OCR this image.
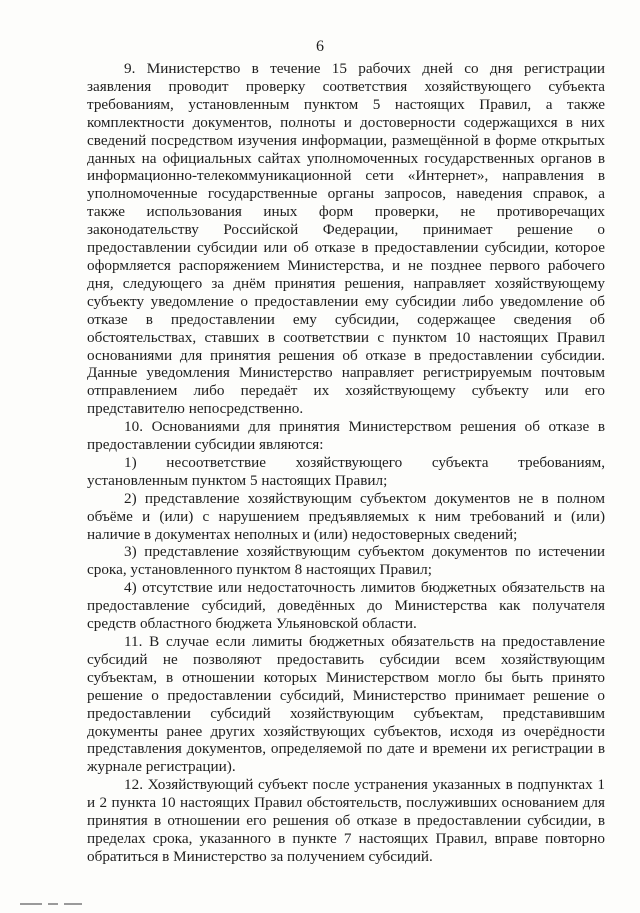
6

9. Министерство в течение 15 рабочих дней со дня регистрации заявления проводит проверку соответствия хозяйствующего субъекта требованиям, установленным пунктом 5 настоящих Правил, а также комплектности документов, полноты и достоверности содержащихся в них сведений посредством изучения информации, размещённой в форме открытых данных на официальных сайтах уполномоченных государственных органов в информационно-телекоммуникационной сети «Интернет», направления в уполномоченные государственные органы запросов, наведения справок, а также использования иных форм проверки, не противоречащих законодательству Российской Федерации, принимает решение о предоставлении субсидии или об отказе в предоставлении субсидии, которое оформляется распоряжением Министерства, и не позднее первого рабочего дня, следующего за днём принятия решения, направляет хозяйствующему субъекту уведомление о предоставлении ему субсидии либо уведомление об отказе в предоставлении ему субсидии, содержащее сведения об обстоятельствах, ставших в соответствии с пунктом 10 настоящих Правил основаниями для принятия решения об отказе в предоставлении субсидии. Данные уведомления Министерство направляет регистрируемым почтовым отправлением либо передаёт их хозяйствующему субъекту или его представителю непосредственно.

10. Основаниями для принятия Министерством решения об отказе в предоставлении субсидии являются:

1) несоответствие хозяйствующего субъекта требованиям, установленным пунктом 5 настоящих Правил;

2) представление хозяйствующим субъектом документов не в полном объёме и (или) с нарушением предъявляемых к ним требований и (или) наличие в документах неполных и (или) недостоверных сведений;

3) представление хозяйствующим субъектом документов по истечении срока, установленного пунктом 8 настоящих Правил;

4) отсутствие или недостаточность лимитов бюджетных обязательств на предоставление субсидий, доведённых до Министерства как получателя средств областного бюджета Ульяновской области.

11. В случае если лимиты бюджетных обязательств на предоставление субсидий не позволяют предоставить субсидии всем хозяйствующим субъектам, в отношении которых Министерством могло бы быть принято решение о предоставлении субсидий, Министерство принимает решение о предоставлении субсидий хозяйствующим субъектам, представившим документы ранее других хозяйствующих субъектов, исходя из очерёдности представления документов, определяемой по дате и времени их регистрации в журнале регистрации).

12. Хозяйствующий субъект после устранения указанных в подпунктах 1 и 2 пункта 10 настоящих Правил обстоятельств, послуживших основанием для принятия в отношении его решения об отказе в предоставлении субсидии, в пределах срока, указанного в пункте 7 настоящих Правил, вправе повторно обратиться в Министерство за получением субсидий.
